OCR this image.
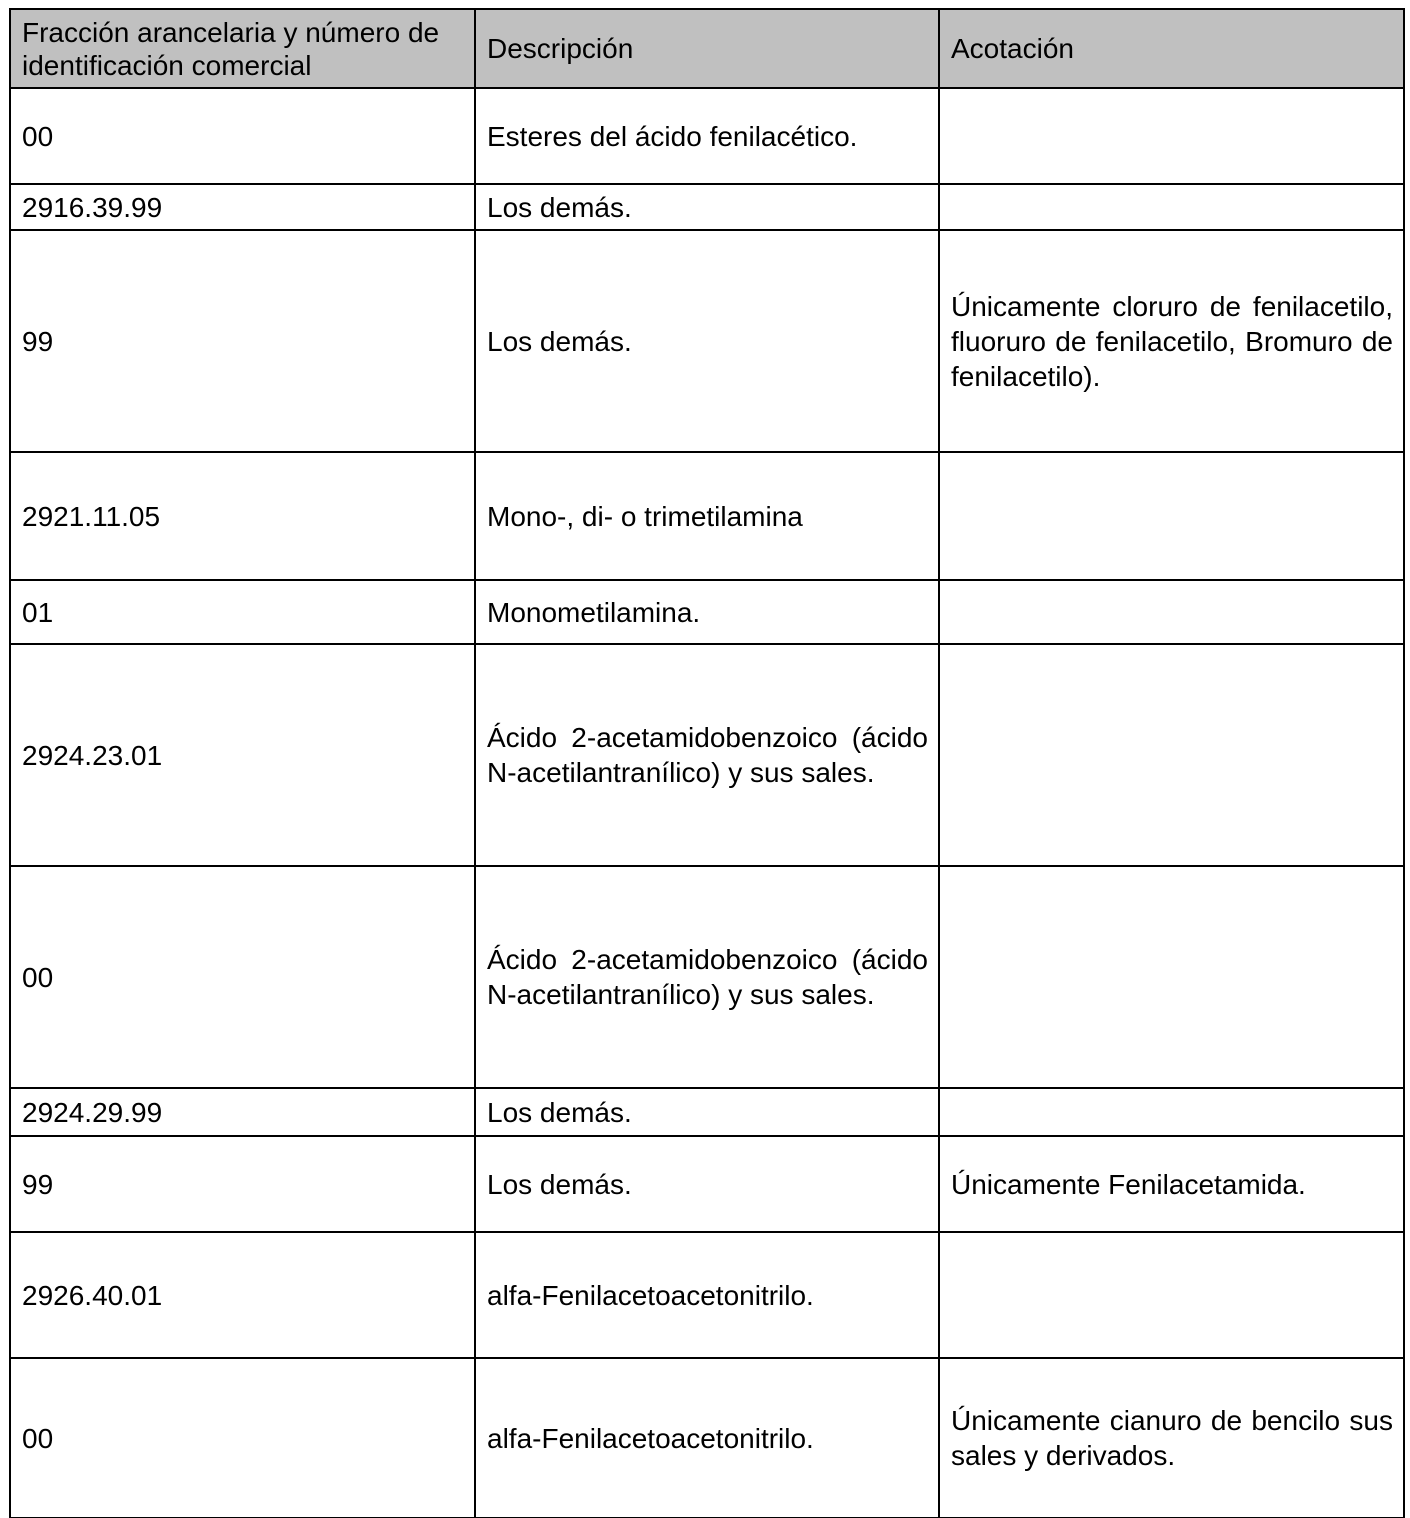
Fracción arancelaria y número de identificación comercial	Descripción	Acotación
00	Esteres del ácido fenilacético.	
2916.39.99	Los demás.	
99	Los demás.	Únicamente cloruro de fenilacetilo, fluoruro de fenilacetilo, Bromuro de fenilacetilo).
2921.11.05	Mono-, di- o trimetilamina	
01	Monometilamina.	
2924.23.01	Ácido 2-acetamidobenzoico (ácido N-acetilantranílico) y sus sales.	
00	Ácido 2-acetamidobenzoico (ácido N-acetilantranílico) y sus sales.	
2924.29.99	Los demás.	
99	Los demás.	Únicamente Fenilacetamida.
2926.40.01	alfa-Fenilacetoacetonitrilo.	
00	alfa-Fenilacetoacetonitrilo.	Únicamente cianuro de bencilo sus sales y derivados.
